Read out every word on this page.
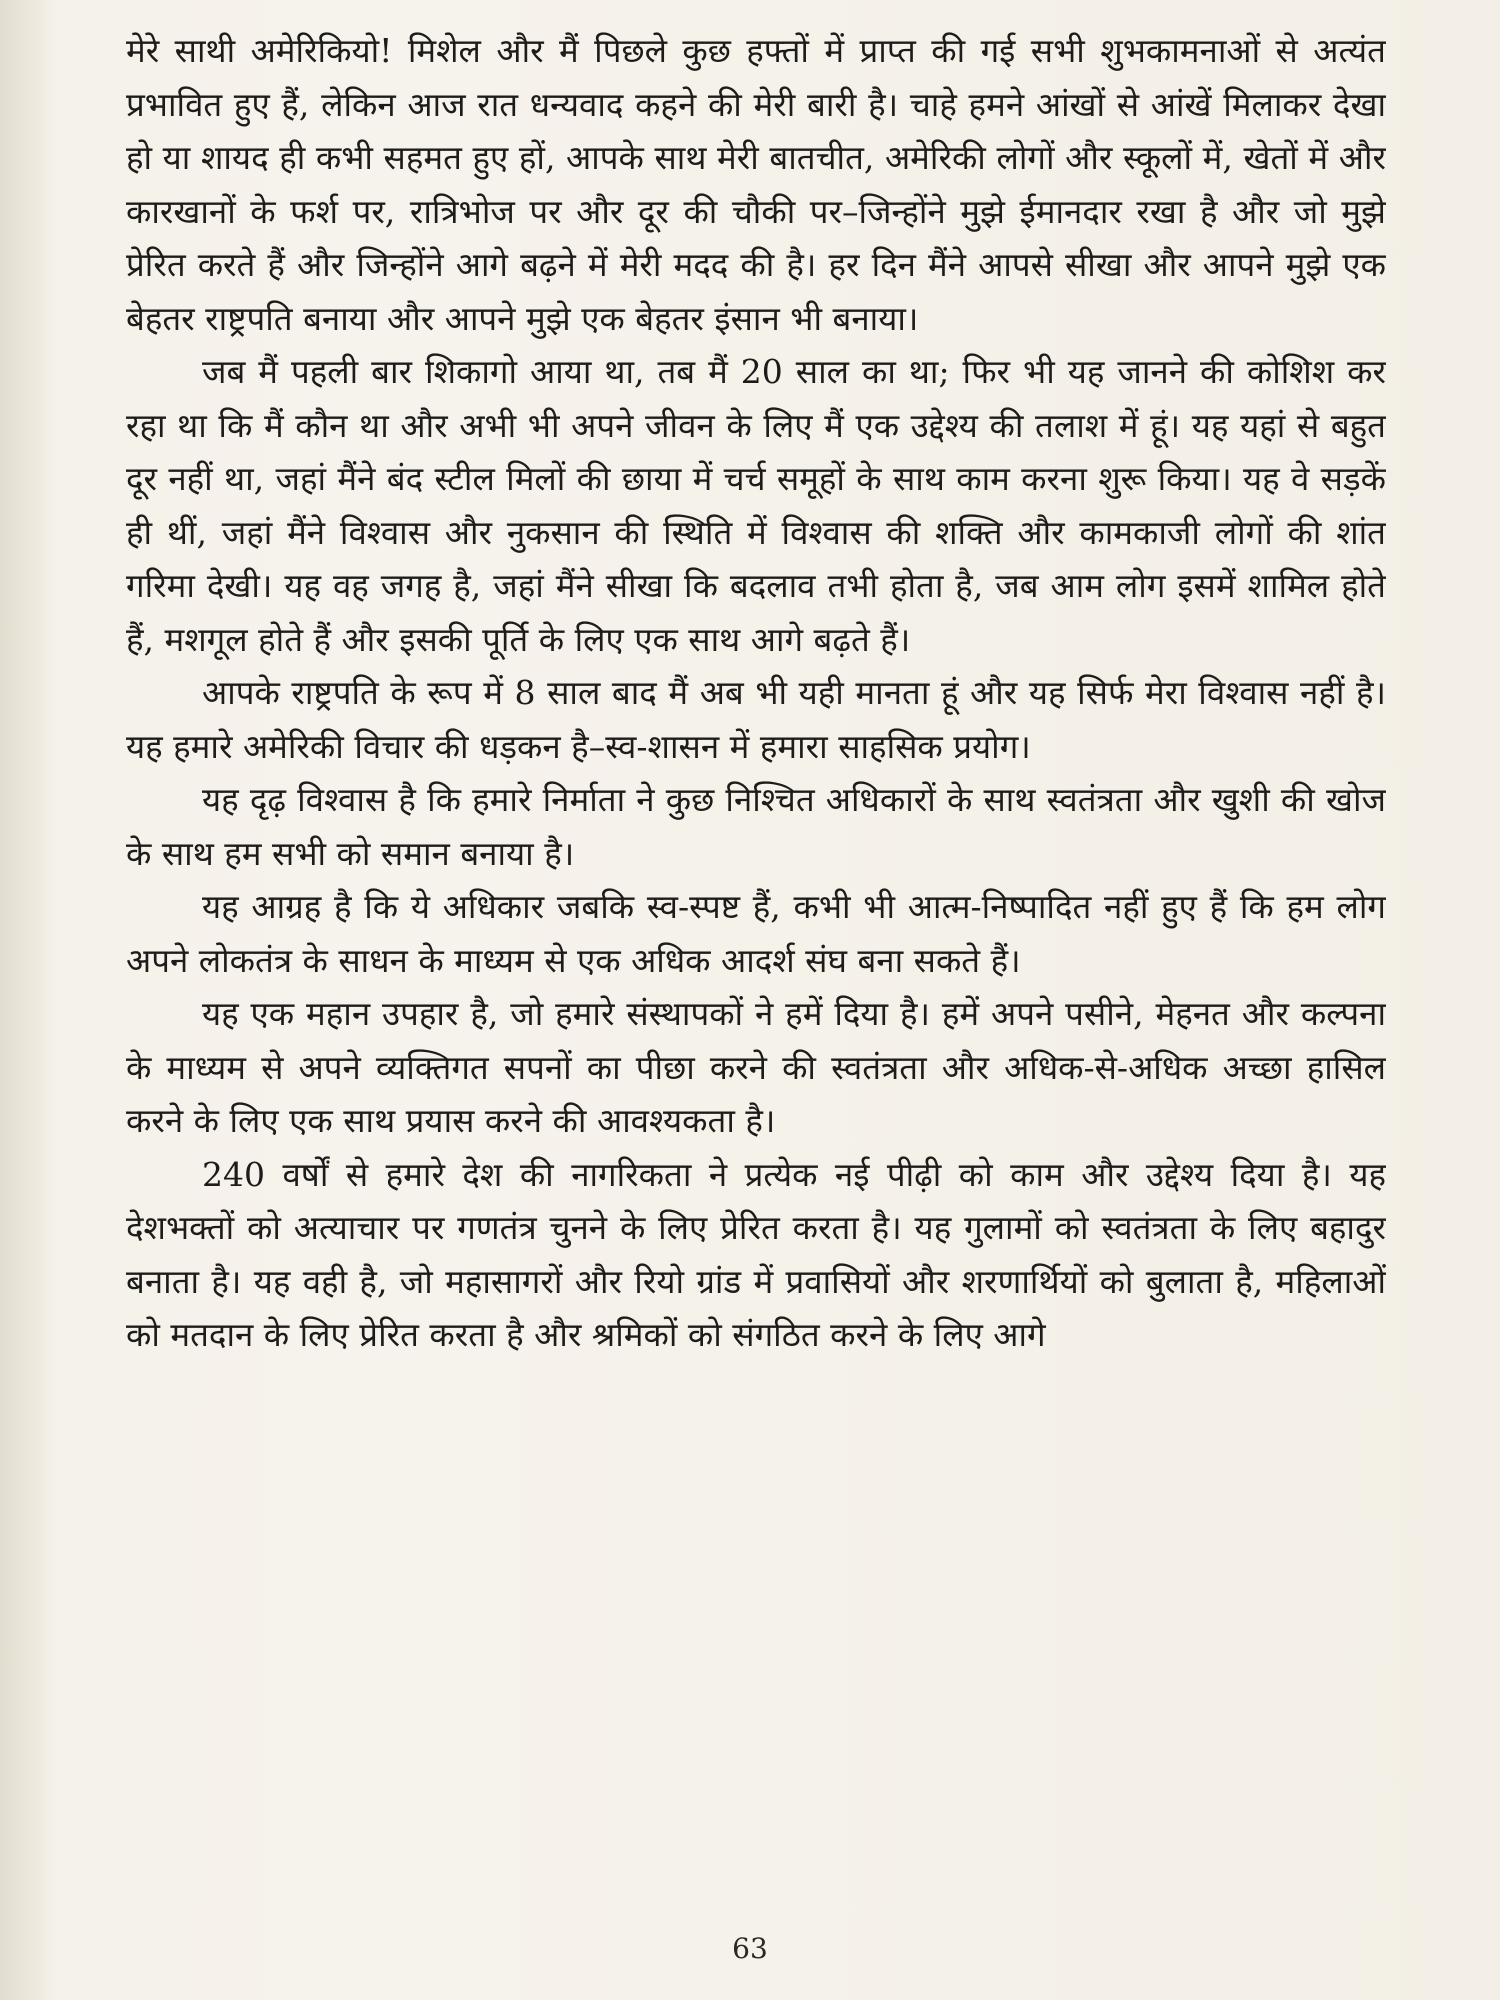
मेरे साथी अमेरिकियो! मिशेल और मैं पिछले कुछ हफ्तों में प्राप्त की गई सभी शुभकामनाओं से अत्यंत प्रभावित हुए हैं, लेकिन आज रात धन्यवाद कहने की मेरी बारी है। चाहे हमने आंखों से आंखें मिलाकर देखा हो या शायद ही कभी सहमत हुए हों, आपके साथ मेरी बातचीत, अमेरिकी लोगों और स्कूलों में, खेतों में और कारखानों के फर्श पर, रात्रिभोज पर और दूर की चौकी पर–जिन्होंने मुझे ईमानदार रखा है और जो मुझे प्रेरित करते हैं और जिन्होंने आगे बढ़ने में मेरी मदद की है। हर दिन मैंने आपसे सीखा और आपने मुझे एक बेहतर राष्ट्रपति बनाया और आपने मुझे एक बेहतर इंसान भी बनाया।

जब मैं पहली बार शिकागो आया था, तब मैं 20 साल का था; फिर भी यह जानने की कोशिश कर रहा था कि मैं कौन था और अभी भी अपने जीवन के लिए मैं एक उद्देश्य की तलाश में हूं। यह यहां से बहुत दूर नहीं था, जहां मैंने बंद स्टील मिलों की छाया में चर्च समूहों के साथ काम करना शुरू किया। यह वे सड़कें ही थीं, जहां मैंने विश्वास और नुकसान की स्थिति में विश्वास की शक्ति और कामकाजी लोगों की शांत गरिमा देखी। यह वह जगह है, जहां मैंने सीखा कि बदलाव तभी होता है, जब आम लोग इसमें शामिल होते हैं, मशगूल होते हैं और इसकी पूर्ति के लिए एक साथ आगे बढ़ते हैं।

आपके राष्ट्रपति के रूप में 8 साल बाद मैं अब भी यही मानता हूं और यह सिर्फ मेरा विश्वास नहीं है। यह हमारे अमेरिकी विचार की धड़कन है–स्व-शासन में हमारा साहसिक प्रयोग।

यह दृढ़ विश्वास है कि हमारे निर्माता ने कुछ निश्चित अधिकारों के साथ स्वतंत्रता और खुशी की खोज के साथ हम सभी को समान बनाया है।

यह आग्रह है कि ये अधिकार जबकि स्व-स्पष्ट हैं, कभी भी आत्म-निष्पादित नहीं हुए हैं कि हम लोग अपने लोकतंत्र के साधन के माध्यम से एक अधिक आदर्श संघ बना सकते हैं।

यह एक महान उपहार है, जो हमारे संस्थापकों ने हमें दिया है। हमें अपने पसीने, मेहनत और कल्पना के माध्यम से अपने व्यक्तिगत सपनों का पीछा करने की स्वतंत्रता और अधिक-से-अधिक अच्छा हासिल करने के लिए एक साथ प्रयास करने की आवश्यकता है।

240 वर्षों से हमारे देश की नागरिकता ने प्रत्येक नई पीढ़ी को काम और उद्देश्य दिया है। यह देशभक्तों को अत्याचार पर गणतंत्र चुनने के लिए प्रेरित करता है। यह गुलामों को स्वतंत्रता के लिए बहादुर बनाता है। यह वही है, जो महासागरों और रियो ग्रांड में प्रवासियों और शरणार्थियों को बुलाता है, महिलाओं को मतदान के लिए प्रेरित करता है और श्रमिकों को संगठित करने के लिए आगे

63
